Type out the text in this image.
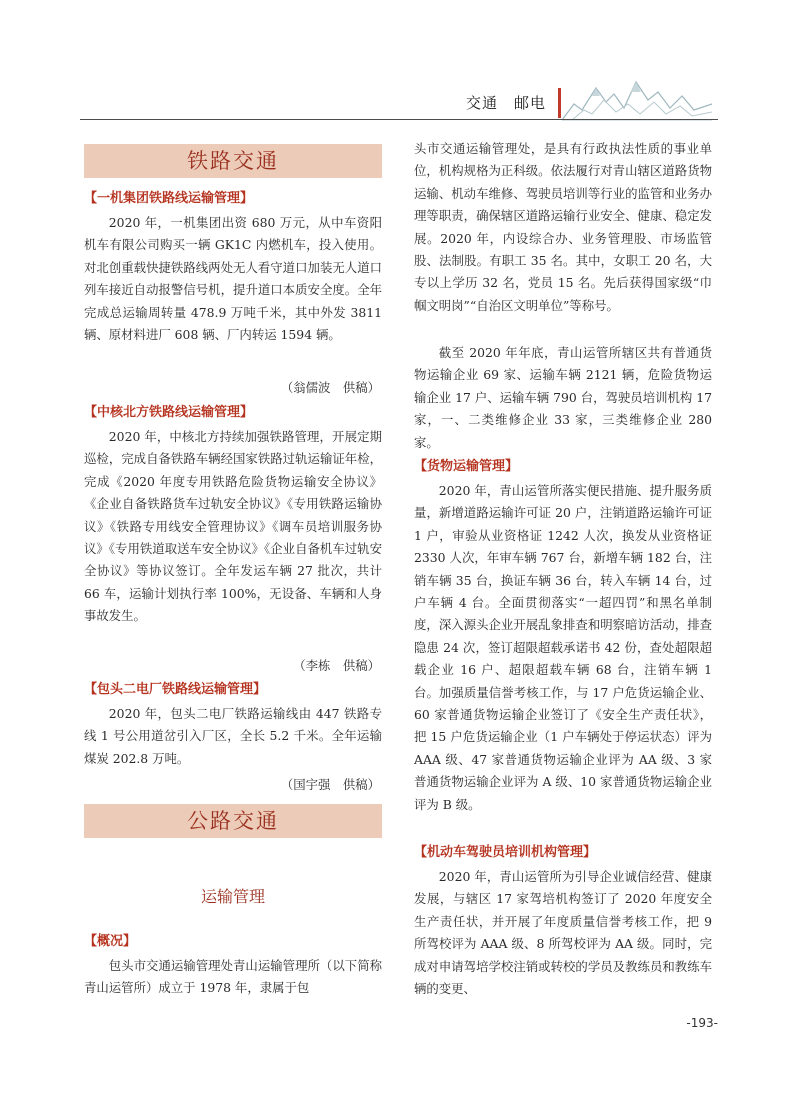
交通　邮电
铁路交通
【一机集团铁路线运输管理】

2020 年，一机集团出资 680 万元，从中车资阳机车有限公司购买一辆 GK1C 内燃机车，投入使用。对北创重载快捷铁路线两处无人看守道口加装无人道口列车接近自动报警信号机，提升道口本质安全度。全年完成总运输周转量 478.9 万吨千米，其中外发 3811 辆、原材料进厂 608 辆、厂内转运 1594 辆。

（翁儒波　供稿）
【中核北方铁路线运输管理】

2020 年，中核北方持续加强铁路管理，开展定期巡检，完成自备铁路车辆经国家铁路过轨运输证年检，完成《2020 年度专用铁路危险货物运输安全协议》《企业自备铁路货车过轨安全协议》《专用铁路运输协议》《铁路专用线安全管理协议》《调车员培训服务协议》《专用铁道取送车安全协议》《企业自备机车过轨安全协议》等协议签订。全年发运车辆 27 批次，共计 66 车，运输计划执行率 100%，无设备、车辆和人身事故发生。

（李栋　供稿）
【包头二电厂铁路线运输管理】

2020 年，包头二电厂铁路运输线由 447 铁路专线 1 号公用道岔引入厂区，全长 5.2 千米。全年运输煤炭 202.8 万吨。

（国宇强　供稿）
公路交通
运输管理
【概况】

包头市交通运输管理处青山运输管理所（以下简称青山运管所）成立于 1978 年，隶属于包

头市交通运输管理处，是具有行政执法性质的事业单位，机构规格为正科级。依法履行对青山辖区道路货物运输、机动车维修、驾驶员培训等行业的监管和业务办理等职责，确保辖区道路运输行业安全、健康、稳定发展。2020 年，内设综合办、业务管理股、市场监管股、法制股。有职工 35 名。其中，女职工 20 名，大专以上学历 32 名，党员 15 名。先后获得国家级“巾帼文明岗”“自治区文明单位”等称号。

截至 2020 年年底，青山运管所辖区共有普通货物运输企业 69 家、运输车辆 2121 辆，危险货物运输企业 17 户、运输车辆 790 台，驾驶员培训机构 17 家，一、二类维修企业 33 家，三类维修企业 280 家。

【货物运输管理】

2020 年，青山运管所落实便民措施、提升服务质量，新增道路运输许可证 20 户，注销道路运输许可证 1 户，审验从业资格证 1242 人次，换发从业资格证 2330 人次，年审车辆 767 台，新增车辆 182 台，注销车辆 35 台，换证车辆 36 台，转入车辆 14 台，过户车辆 4 台。全面贯彻落实“一超四罚”和黑名单制度，深入源头企业开展乱象排查和明察暗访活动，排查隐患 24 次，签订超限超载承诺书 42 份，查处超限超载企业 16 户、超限超载车辆 68 台，注销车辆 1 台。加强质量信誉考核工作，与 17 户危货运输企业、60 家普通货物运输企业签订了《安全生产责任状》，把 15 户危货运输企业（1 户车辆处于停运状态）评为 AAA 级、47 家普通货物运输企业评为 AA 级、3 家普通货物运输企业评为 A 级、10 家普通货物运输企业评为 B 级。

【机动车驾驶员培训机构管理】

2020 年，青山运管所为引导企业诚信经营、健康发展，与辖区 17 家驾培机构签订了 2020 年度安全生产责任状，并开展了年度质量信誉考核工作，把 9 所驾校评为 AAA 级、8 所驾校评为 AA 级。同时，完成对申请驾培学校注销或转校的学员及教练员和教练车辆的变更、

-193-
